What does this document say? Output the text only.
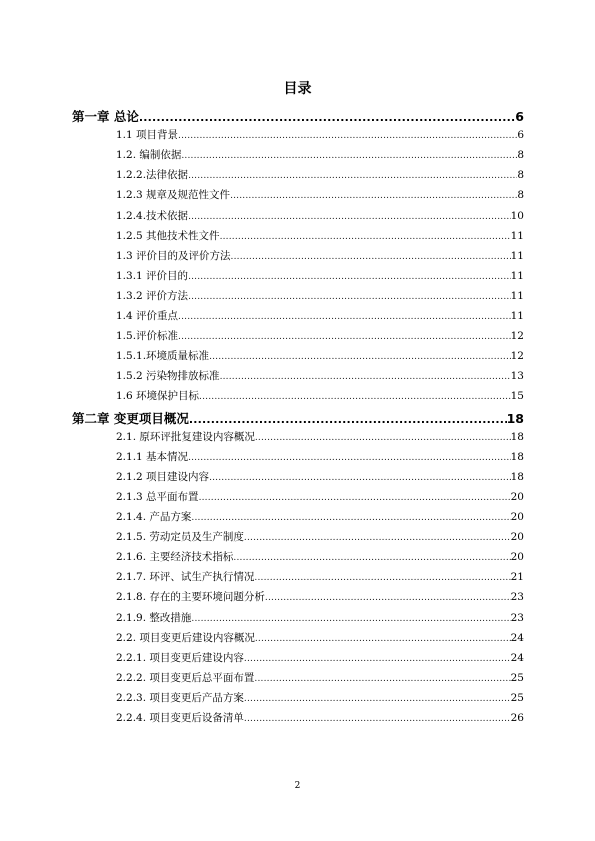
目录
第一章 总论 .....	6
1.1 项目背景 .....	6
1.2. 编制依据 .....	8
1.2.2.法律依据 .....	8
1.2.3 规章及规范性文件 .....	8
1.2.4.技术依据 .....	10
1.2.5 其他技术性文件 .....	11
1.3 评价目的及评价方法 .....	11
1.3.1 评价目的 .....	11
1.3.2 评价方法 .....	11
1.4 评价重点 .....	11
1.5.评价标准 .....	12
1.5.1.环境质量标准 .....	12
1.5.2 污染物排放标准 .....	13
1.6 环境保护目标 .....	15
第二章 变更项目概况 .....	18
2.1. 原环评批复建设内容概况 .....	18
2.1.1 基本情况 .....	18
2.1.2 项目建设内容 .....	18
2.1.3 总平面布置 .....	20
2.1.4. 产品方案 .....	20
2.1.5. 劳动定员及生产制度 .....	20
2.1.6. 主要经济技术指标 .....	20
2.1.7. 环评、试生产执行情况 .....	21
2.1.8. 存在的主要环境问题分析 .....	23
2.1.9. 整改措施 .....	23
2.2. 项目变更后建设内容概况 .....	24
2.2.1. 项目变更后建设内容 .....	24
2.2.2. 项目变更后总平面布置 .....	25
2.2.3. 项目变更后产品方案 .....	25
2.2.4. 项目变更后设备清单 .....	26
2
